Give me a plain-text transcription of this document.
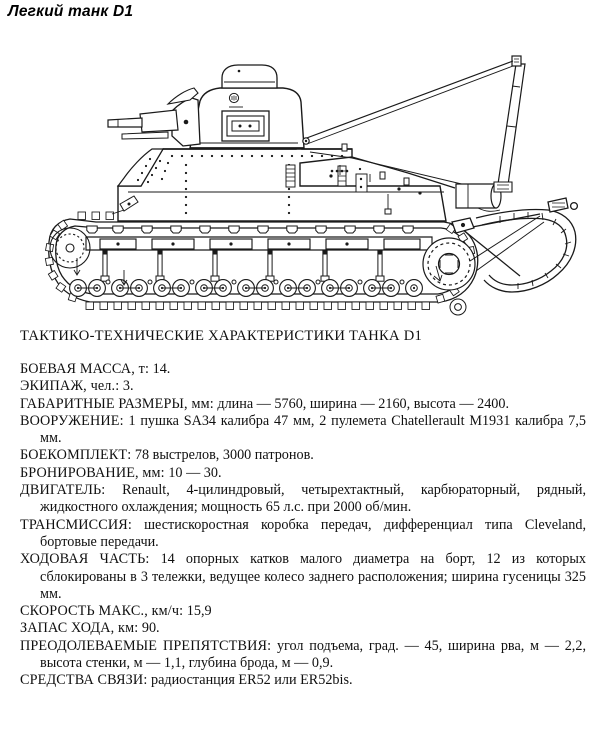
Легкий танк D1
ТАКТИКО-ТЕХНИЧЕСКИЕ ХАРАКТЕРИСТИКИ ТАНКА D1
БОЕВАЯ МАССА, т: 14.
ЭКИПАЖ, чел.: 3.
ГАБАРИТНЫЕ РАЗМЕРЫ, мм: длина — 5760, ширина — 2160, высота — 2400.
ВООРУЖЕНИЕ: 1 пушка SA34 калибра 47 мм, 2 пулемета Chatellerault M1931 калибра 7,5 мм.
БОЕКОМПЛЕКТ: 78 выстрелов, 3000 патронов.
БРОНИРОВАНИЕ, мм: 10 — 30.
ДВИГАТЕЛЬ: Renault, 4-цилиндровый, четырехтактный, карбюраторный, рядный, жидкостного охлаждения; мощность 65 л.с. при 2000 об/мин.
ТРАНСМИССИЯ: шестискоростная коробка передач, дифференциал типа Cleveland, бортовые передачи.
ХОДОВАЯ ЧАСТЬ: 14 опорных катков малого диаметра на борт, 12 из которых сблокированы в 3 тележки, ведущее колесо заднего расположения; ширина гусеницы 325 мм.
СКОРОСТЬ МАКС., км/ч: 15,9
ЗАПАС ХОДА, км: 90.
ПРЕОДОЛЕВАЕМЫЕ ПРЕПЯТСТВИЯ: угол подъема, град. — 45, ширина рва, м — 2,2, высота стенки, м — 1,1, глубина брода, м — 0,9.
СРЕДСТВА СВЯЗИ: радиостанция ER52 или ER52bis.
